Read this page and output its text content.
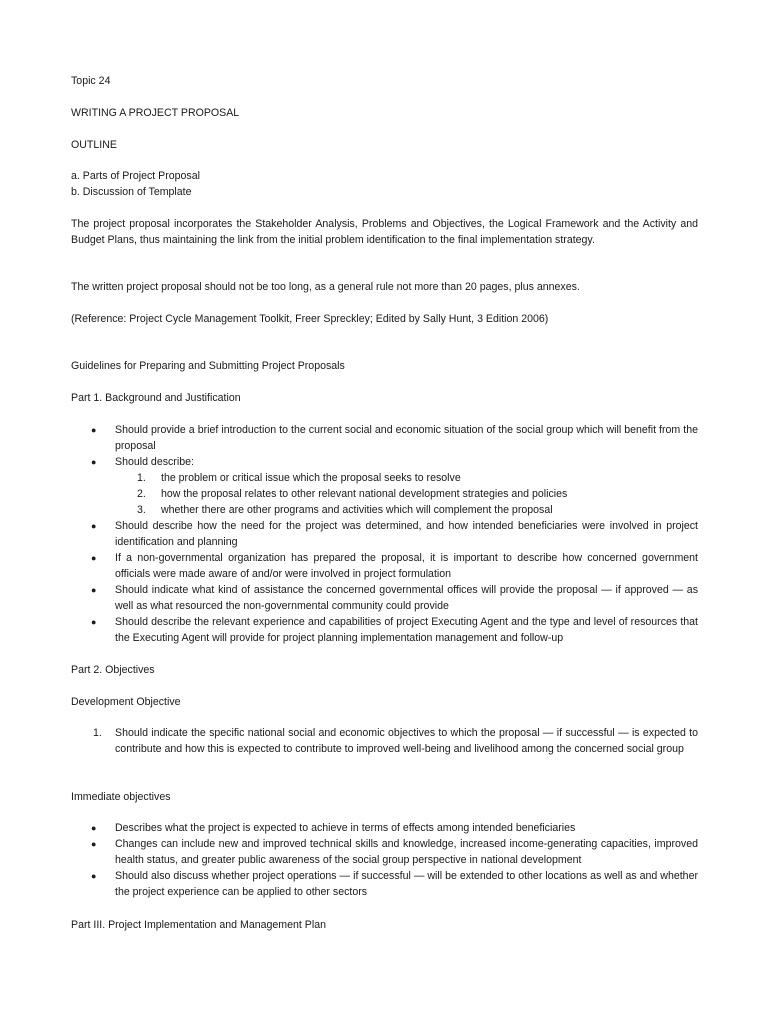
Topic 24

WRITING A PROJECT PROPOSAL

OUTLINE

a. Parts of Project Proposal

b. Discussion of Template

The project proposal incorporates the Stakeholder Analysis, Problems and Objectives, the Logical Framework and the Activity and Budget Plans, thus maintaining the link from the initial problem identification to the final implementation strategy.

The written project proposal should not be too long, as a general rule not more than 20 pages, plus annexes.

(Reference: Project Cycle Management Toolkit, Freer Spreckley; Edited by Sally Hunt, 3 Edition 2006)

Guidelines for Preparing and Submitting Project Proposals

Part 1. Background and Justification

● Should provide a brief introduction to the current social and economic situation of the social group which will benefit from the proposal
● Should describe:
1. the problem or critical issue which the proposal seeks to resolve
2. how the proposal relates to other relevant national development strategies and policies
3. whether there are other programs and activities which will complement the proposal
● Should describe how the need for the project was determined, and how intended beneficiaries were involved in project identification and planning
● If a non-governmental organization has prepared the proposal, it is important to describe how concerned government officials were made aware of and/or were involved in project formulation
● Should indicate what kind of assistance the concerned governmental offices will provide the proposal — if approved — as well as what resourced the non-governmental community could provide
● Should describe the relevant experience and capabilities of project Executing Agent and the type and level of resources that the Executing Agent will provide for project planning implementation management and follow-up

Part 2. Objectives

Development Objective

1. Should indicate the specific national social and economic objectives to which the proposal — if successful — is expected to contribute and how this is expected to contribute to improved well-being and livelihood among the concerned social group

Immediate objectives

● Describes what the project is expected to achieve in terms of effects among intended beneficiaries
● Changes can include new and improved technical skills and knowledge, increased income-generating capacities, improved health status, and greater public awareness of the social group perspective in national development
● Should also discuss whether project operations — if successful — will be extended to other locations as well as and whether the project experience can be applied to other sectors

Part III. Project Implementation and Management Plan
